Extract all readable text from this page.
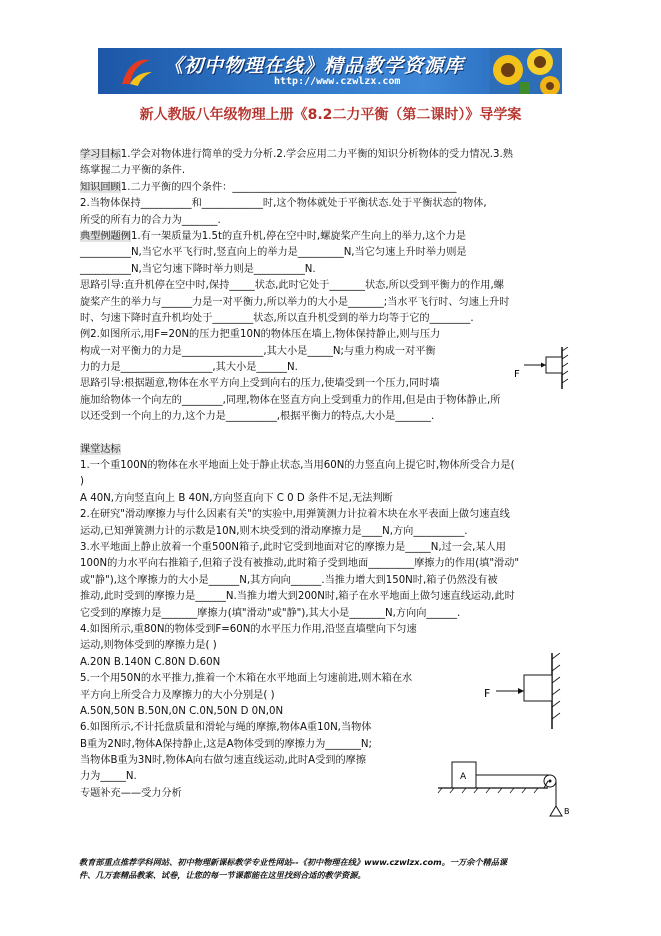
《初中物理在线》精品教学资源库
http://www.czwlzx.com
新人教版八年级物理上册《8.2二力平衡（第二课时）》导学案
学习目标1.学会对物体进行简单的受力分析.2.学会应用二力平衡的知识分析物体的受力情况.3.熟
练掌握二力平衡的条件.
知识回顾1.二力平衡的四个条件：____________________________________________
2.当物体保持__________和____________时,这个物体就处于平衡状态.处于平衡状态的物体,
所受的所有力的合力为_______.
典型例题例1.有一架质量为1.5t的直升机,停在空中时,螺旋桨产生向上的举力,这个力是
__________N,当它水平飞行时,竖直向上的举力是_________N,当它匀速上升时举力则是
__________N,当它匀速下降时举力则是__________N.
思路引导:直升机停在空中时,保持_____状态,此时它处于_______状态,所以受到平衡力的作用,螺
旋桨产生的举力与______力是一对平衡力,所以举力的大小是_______;当水平飞行时、匀速上升时
时、匀速下降时直升机均处于________状态,所以直升机受到的举力均等于它的________.
例2.如图所示,用F=20N的压力把重10N的物体压在墙上,物体保持静止,则与压力
构成一对平衡力的力是________________,其大小是_____N;与重力构成一对平衡
力的力是__________________,其大小是______N.
思路引导:根据题意,物体在水平方向上受到向右的压力,使墙受到一个压力,同时墙
施加给物体一个向左的________,同理,物体在竖直方向上受到重力的作用,但是由于物体静止,所
以还受到一个向上的力,这个力是__________,根据平衡力的特点,大小是_______.
课堂达标
1.一个重100N的物体在水平地面上处于静止状态,当用60N的力竖直向上提它时,物体所受合力是(
)
A 40N,方向竖直向上 B 40N,方向竖直向下 C 0 D 条件不足,无法判断
2.在研究"滑动摩擦力与什么因素有关"的实验中,用弹簧测力计拉着木块在水平表面上做匀速直线
运动,已知弹簧测力计的示数是10N,则木块受到的滑动摩擦力是____N,方向__________.
3.水平地面上静止放着一个重500N箱子,此时它受到地面对它的摩擦力是_____N,过一会,某人用
100N的力水平向右推箱子,但箱子没有被推动,此时箱子受到地面_________摩擦力的作用(填"滑动"
或"静"),这个摩擦力的大小是______N,其方向向______.当推力增大到150N时,箱子仍然没有被
推动,此时受到的摩擦力是______N.当推力增大到200N时,箱子在水平地面上做匀速直线运动,此时
它受到的摩擦力是_______摩擦力(填"滑动"或"静"),其大小是_______N,方向向______.
4.如图所示,重80N的物体受到F=60N的水平压力作用,沿竖直墙壁向下匀速
运动,则物体受到的摩擦力是( )
A.20N B.140N C.80N D.60N
5.一个用50N的水平推力,推着一个木箱在水平地面上匀速前进,则木箱在水
平方向上所受合力及摩擦力的大小分别是( )
A.50N,50N B.50N,0N C.0N,50N D 0N,0N
6.如图所示,不计托盘质量和滑轮与绳的摩擦,物体A重10N,当物体
B重为2N时,物体A保持静止,这是A物体受到的摩擦力为_______N;
当物体B重为3N时,物体A向右做匀速直线运动,此时A受到的摩擦
力为_____N.
专题补充——受力分析
F
F
A
B
教育部重点推荐学科网站、初中物理新课标教学专业性网站--《初中物理在线》www.czwlzx.com。一万余个精品课
件、几万套精品教案、试卷，让您的每一节课都能在这里找到合适的教学资源。
